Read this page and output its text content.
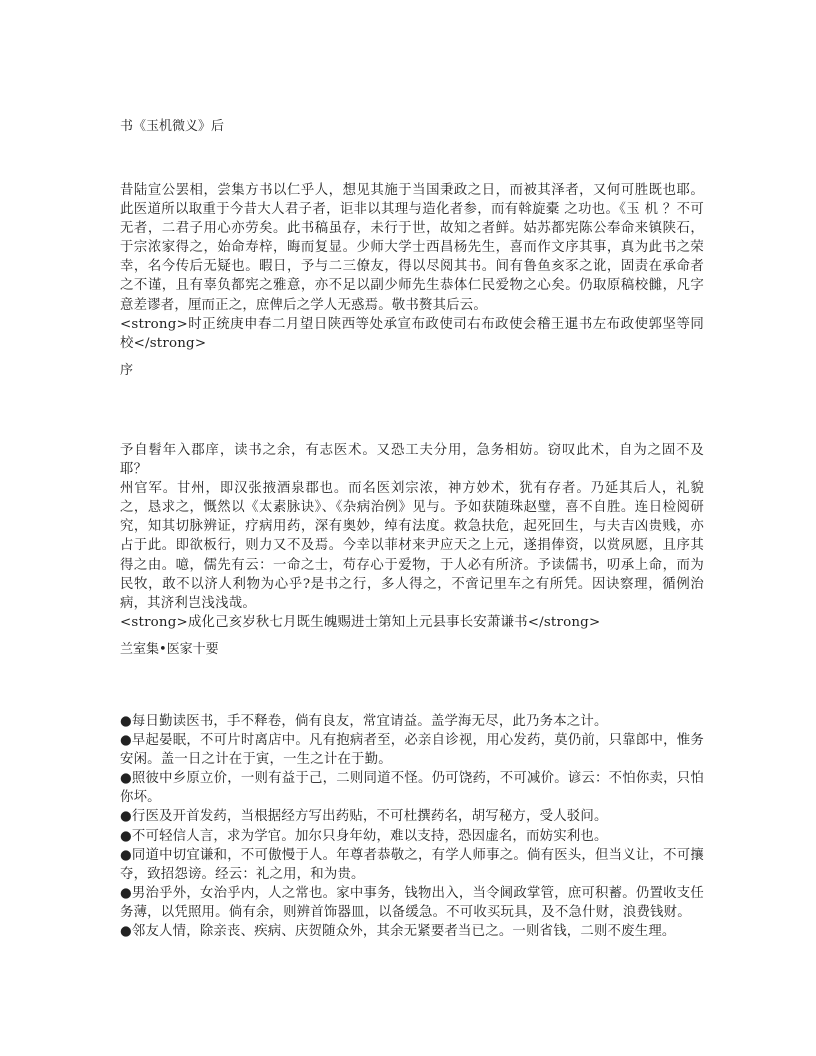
书《玉机微义》后

昔陆宣公罢相，尝集方书以仁乎人，想见其施于当国秉政之日，而被其泽者，又何可胜既也耶。此医道所以取重于今昔大人君子者，讵非以其理与造化者参，而有斡旋橐 之功也。《玉 机 ？不可无者，二君子用心亦劳矣。此书稿虽存，未行于世，故知之者鲜。姑苏都宪陈公奉命来镇陕石，于宗浓家得之，始命寿梓，晦而复显。少师大学士西昌杨先生，喜而作文序其事，真为此书之荣幸，名今传后无疑也。暇日，予与二三僚友，得以尽阅其书。间有鲁鱼亥豕之讹，固责在承命者之不谨，且有辜负都宪之雅意，亦不足以副少师先生恭体仁民爱物之心矣。仍取原稿校雠，凡字意差谬者，厘而正之，庶俾后之学人无惑焉。敬书赘其后云。

<strong>时正统庚申春二月望日陕西等处承宣布政使司右布政使会稽王暹书左布政使郭坚等同校</strong>

序

予自髫年入郡庠，读书之余，有志医术。又恐工夫分用，急务相妨。窃叹此术，自为之固不及耶？

州官军。甘州，即汉张掖酒泉郡也。而名医刘宗浓，神方妙术，犹有存者。乃延其后人，礼貌之，恳求之，慨然以《太素脉诀》、《杂病治例》见与。予如获随珠赵璧，喜不自胜。连日检阅研究，知其切脉辨证，疗病用药，深有奥妙，绰有法度。救急扶危，起死回生，与夫吉凶贵贱，亦占于此。即欲板行，则力又不及焉。今幸以菲材来尹应天之上元，遂捐俸资，以赏夙愿，且序其得之由。噫，儒先有云：一命之士，苟存心于爱物，于人必有所济。予读儒书，叨承上命，而为民牧，敢不以济人利物为心乎?是书之行，多人得之，不啻记里车之有所凭。因诀察理，循例治病，其济利岂浅浅哉。

<strong>成化己亥岁秋七月既生魄赐进士第知上元县事长安萧谦书</strong>

兰室集•医家十要

●每日勤读医书，手不释卷，倘有良友，常宜请益。盖学海无尽，此乃务本之计。

●早起晏眠，不可片时离店中。凡有抱病者至，必亲自诊视，用心发药，莫仍前，只靠郎中，惟务安闲。盖一日之计在于寅，一生之计在于勤。

●照彼中乡原立价，一则有益于己，二则同道不怪。仍可饶药，不可减价。谚云：不怕你卖，只怕你坏。

●行医及开首发药，当根据经方写出药贴，不可杜撰药名，胡写秘方，受人驳问。

●不可轻信人言，求为学官。加尔只身年幼，难以支持，恐因虚名，而妨实利也。

●同道中切宜谦和，不可傲慢于人。年尊者恭敬之，有学人师事之。倘有医头，但当义让，不可攘夺，致招怨谤。经云：礼之用，和为贵。

●男治乎外，女治乎内，人之常也。家中事务，钱物出入，当令阃政掌管，庶可积蓄。仍置收支任务薄，以凭照用。倘有余，则辨首饰器皿，以备缓急。不可收买玩具，及不急什财，浪费钱财。

●邻友人情，除亲丧、疾病、庆贺随众外，其余无紧要者当已之。一则省钱，二则不废生理。
